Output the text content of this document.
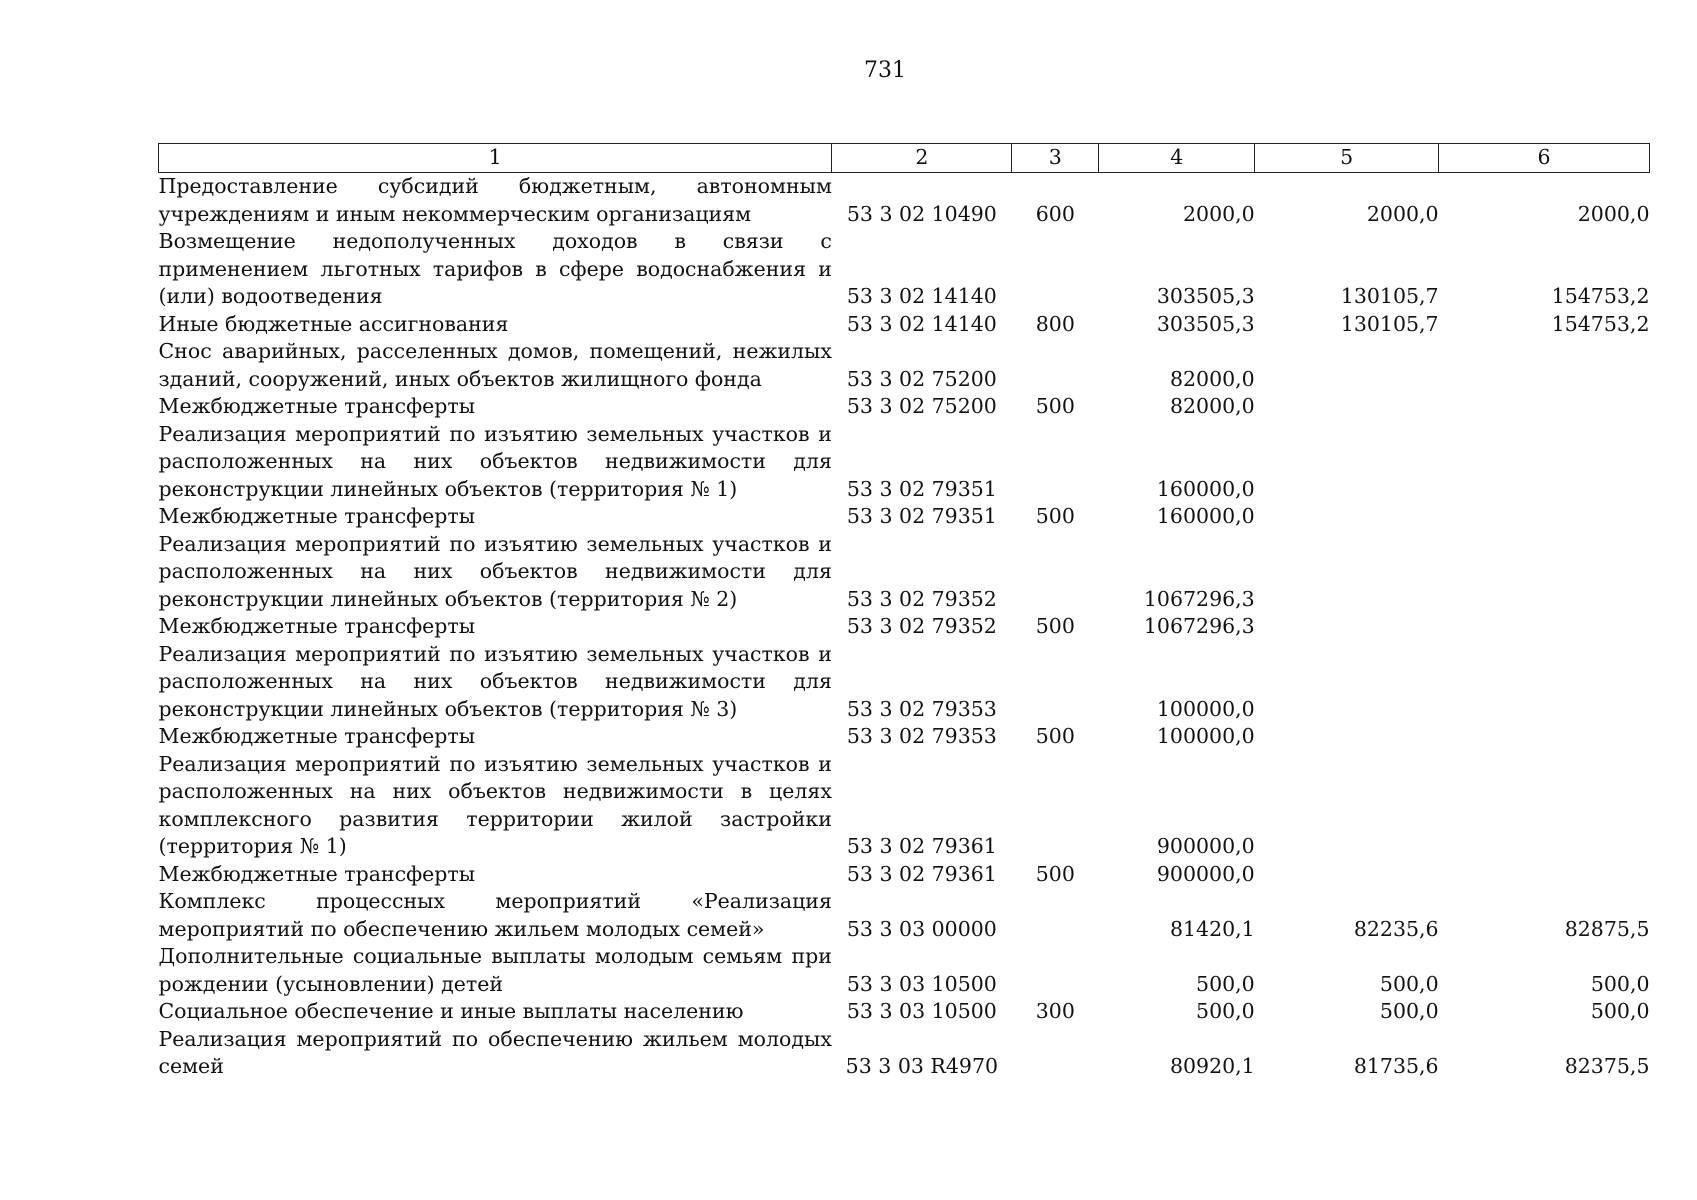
731
1	2	3	4	5	6
Предоставление субсидий бюджетным, автономным учреждениям и иным некоммерческим организациям	53 3 02 10490	600	2000,0	2000,0	2000,0
Возмещение недополученных доходов в связи с применением льготных тарифов в сфере водоснабжения и (или) водоотведения	53 3 02 14140		303505,3	130105,7	154753,2
Иные бюджетные ассигнования	53 3 02 14140	800	303505,3	130105,7	154753,2
Снос аварийных, расселенных домов, помещений, нежилых зданий, сооружений, иных объектов жилищного фонда	53 3 02 75200		82000,0		
Межбюджетные трансферты	53 3 02 75200	500	82000,0		
Реализация мероприятий по изъятию земельных участков и расположенных на них объектов недвижимости для реконструкции линейных объектов (территория № 1)	53 3 02 79351		160000,0		
Межбюджетные трансферты	53 3 02 79351	500	160000,0		
Реализация мероприятий по изъятию земельных участков и расположенных на них объектов недвижимости для реконструкции линейных объектов (территория № 2)	53 3 02 79352		1067296,3		
Межбюджетные трансферты	53 3 02 79352	500	1067296,3		
Реализация мероприятий по изъятию земельных участков и расположенных на них объектов недвижимости для реконструкции линейных объектов (территория № 3)	53 3 02 79353		100000,0		
Межбюджетные трансферты	53 3 02 79353	500	100000,0		
Реализация мероприятий по изъятию земельных участков и расположенных на них объектов недвижимости в целях комплексного развития территории жилой застройки (территория № 1)	53 3 02 79361		900000,0		
Межбюджетные трансферты	53 3 02 79361	500	900000,0		
Комплекс процессных мероприятий «Реализация мероприятий по обеспечению жильем молодых семей»	53 3 03 00000		81420,1	82235,6	82875,5
Дополнительные социальные выплаты молодым семьям при рождении (усыновлении) детей	53 3 03 10500		500,0	500,0	500,0
Социальное обеспечение и иные выплаты населению	53 3 03 10500	300	500,0	500,0	500,0
Реализация мероприятий по обеспечению жильем молодых семей	53 3 03 R4970		80920,1	81735,6	82375,5
